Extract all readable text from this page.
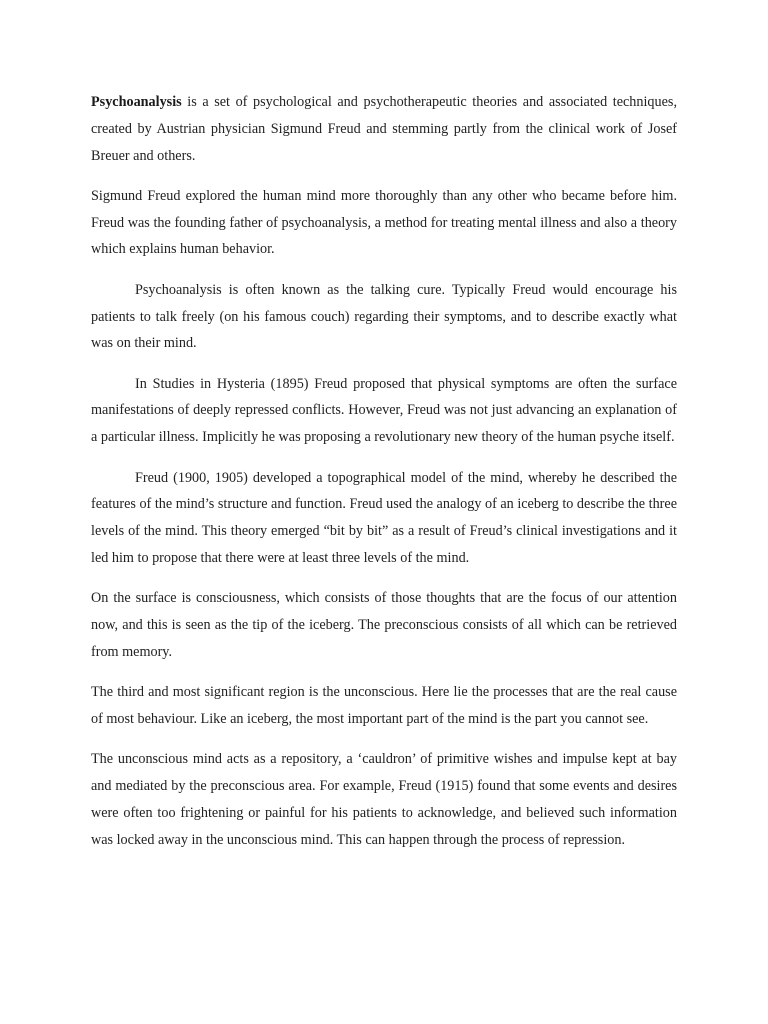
Psychoanalysis is a set of psychological and psychotherapeutic theories and associated techniques, created by Austrian physician Sigmund Freud and stemming partly from the clinical work of Josef Breuer and others.

Sigmund Freud explored the human mind more thoroughly than any other who became before him. Freud was the founding father of psychoanalysis, a method for treating mental illness and also a theory which explains human behavior.

Psychoanalysis is often known as the talking cure. Typically Freud would encourage his patients to talk freely (on his famous couch) regarding their symptoms, and to describe exactly what was on their mind.

In Studies in Hysteria (1895) Freud proposed that physical symptoms are often the surface manifestations of deeply repressed conflicts. However, Freud was not just advancing an explanation of a particular illness. Implicitly he was proposing a revolutionary new theory of the human psyche itself.

Freud (1900, 1905) developed a topographical model of the mind, whereby he described the features of the mind’s structure and function. Freud used the analogy of an iceberg to describe the three levels of the mind. This theory emerged “bit by bit” as a result of Freud’s clinical investigations and it led him to propose that there were at least three levels of the mind.

On the surface is consciousness, which consists of those thoughts that are the focus of our attention now, and this is seen as the tip of the iceberg. The preconscious consists of all which can be retrieved from memory.

The third and most significant region is the unconscious. Here lie the processes that are the real cause of most behaviour. Like an iceberg, the most important part of the mind is the part you cannot see.

The unconscious mind acts as a repository, a ‘cauldron’ of primitive wishes and impulse kept at bay and mediated by the preconscious area. For example, Freud (1915) found that some events and desires were often too frightening or painful for his patients to acknowledge, and believed such information was locked away in the unconscious mind. This can happen through the process of repression.
